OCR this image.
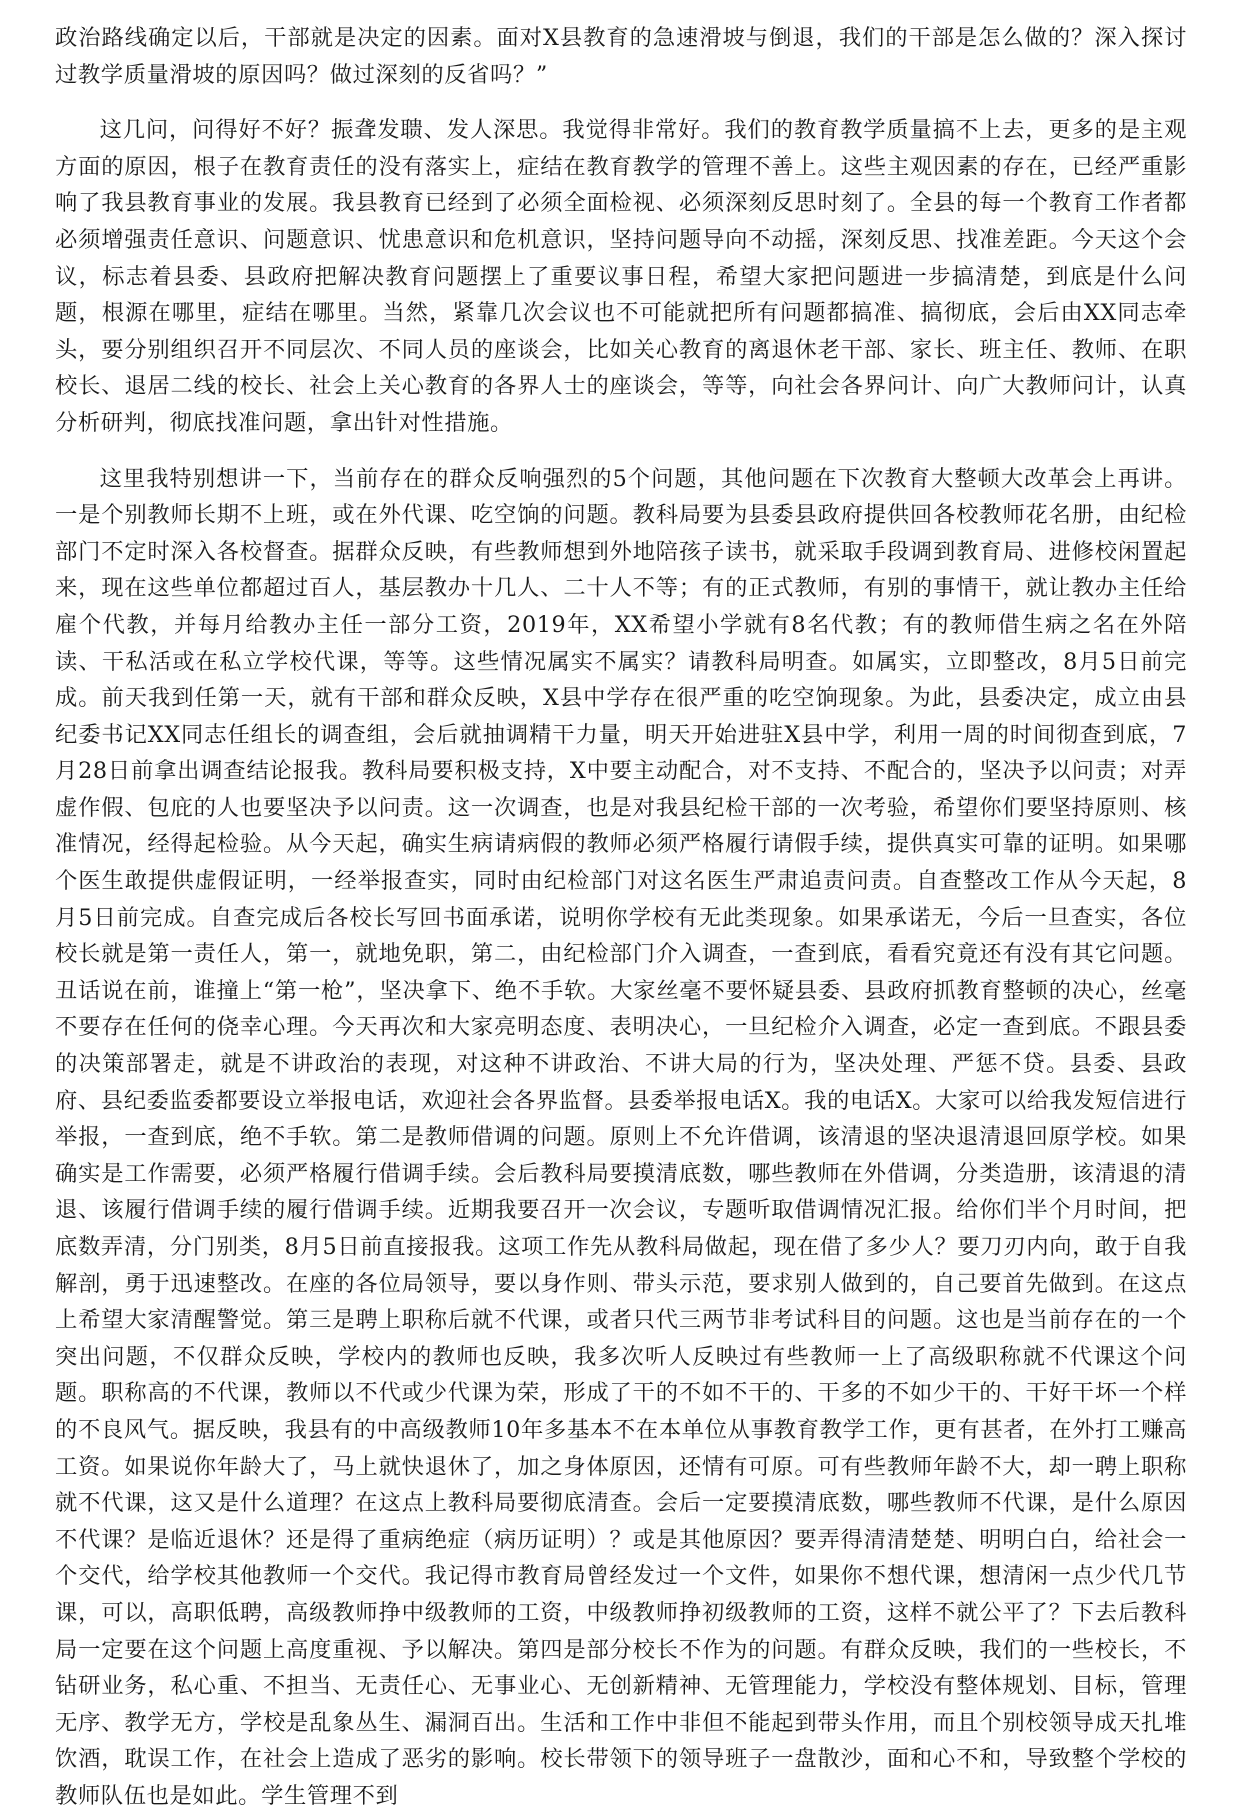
政治路线确定以后，干部就是决定的因素。面对X县教育的急速滑坡与倒退，我们的干部是怎么做的？深入探讨过教学质量滑坡的原因吗？做过深刻的反省吗？”

这几问，问得好不好？振聋发聩、发人深思。我觉得非常好。我们的教育教学质量搞不上去，更多的是主观方面的原因，根子在教育责任的没有落实上，症结在教育教学的管理不善上。这些主观因素的存在，已经严重影响了我县教育事业的发展。我县教育已经到了必须全面检视、必须深刻反思时刻了。全县的每一个教育工作者都必须增强责任意识、问题意识、忧患意识和危机意识，坚持问题导向不动摇，深刻反思、找准差距。今天这个会议，标志着县委、县政府把解决教育问题摆上了重要议事日程，希望大家把问题进一步搞清楚，到底是什么问题，根源在哪里，症结在哪里。当然，紧靠几次会议也不可能就把所有问题都搞准、搞彻底，会后由XX同志牵头，要分别组织召开不同层次、不同人员的座谈会，比如关心教育的离退休老干部、家长、班主任、教师、在职校长、退居二线的校长、社会上关心教育的各界人士的座谈会，等等，向社会各界问计、向广大教师问计，认真分析研判，彻底找准问题，拿出针对性措施。

这里我特别想讲一下，当前存在的群众反响强烈的5个问题，其他问题在下次教育大整顿大改革会上再讲。一是个别教师长期不上班，或在外代课、吃空饷的问题。教科局要为县委县政府提供回各校教师花名册，由纪检部门不定时深入各校督查。据群众反映，有些教师想到外地陪孩子读书，就采取手段调到教育局、进修校闲置起来，现在这些单位都超过百人，基层教办十几人、二十人不等；有的正式教师，有别的事情干，就让教办主任给雇个代教，并每月给教办主任一部分工资，2019年，XX希望小学就有8名代教；有的教师借生病之名在外陪读、干私活或在私立学校代课，等等。这些情况属实不属实？请教科局明查。如属实，立即整改，8月5日前完成。前天我到任第一天，就有干部和群众反映，X县中学存在很严重的吃空饷现象。为此，县委决定，成立由县纪委书记XX同志任组长的调查组，会后就抽调精干力量，明天开始进驻X县中学，利用一周的时间彻查到底，7月28日前拿出调查结论报我。教科局要积极支持，X中要主动配合，对不支持、不配合的，坚决予以问责；对弄虚作假、包庇的人也要坚决予以问责。这一次调查，也是对我县纪检干部的一次考验，希望你们要坚持原则、核准情况，经得起检验。从今天起，确实生病请病假的教师必须严格履行请假手续，提供真实可靠的证明。如果哪个医生敢提供虚假证明，一经举报查实，同时由纪检部门对这名医生严肃追责问责。自查整改工作从今天起，8月5日前完成。自查完成后各校长写回书面承诺，说明你学校有无此类现象。如果承诺无，今后一旦查实，各位校长就是第一责任人，第一，就地免职，第二，由纪检部门介入调查，一查到底，看看究竟还有没有其它问题。丑话说在前，谁撞上“第一枪”，坚决拿下、绝不手软。大家丝毫不要怀疑县委、县政府抓教育整顿的决心，丝毫不要存在任何的侥幸心理。今天再次和大家亮明态度、表明决心，一旦纪检介入调查，必定一查到底。不跟县委的决策部署走，就是不讲政治的表现，对这种不讲政治、不讲大局的行为，坚决处理、严惩不贷。县委、县政府、县纪委监委都要设立举报电话，欢迎社会各界监督。县委举报电话X。我的电话X。大家可以给我发短信进行举报，一查到底，绝不手软。第二是教师借调的问题。原则上不允许借调，该清退的坚决退清退回原学校。如果确实是工作需要，必须严格履行借调手续。会后教科局要摸清底数，哪些教师在外借调，分类造册，该清退的清退、该履行借调手续的履行借调手续。近期我要召开一次会议，专题听取借调情况汇报。给你们半个月时间，把底数弄清，分门别类，8月5日前直接报我。这项工作先从教科局做起，现在借了多少人？要刀刃内向，敢于自我解剖，勇于迅速整改。在座的各位局领导，要以身作则、带头示范，要求别人做到的，自己要首先做到。在这点上希望大家清醒警觉。第三是聘上职称后就不代课，或者只代三两节非考试科目的问题。这也是当前存在的一个突出问题，不仅群众反映，学校内的教师也反映，我多次听人反映过有些教师一上了高级职称就不代课这个问题。职称高的不代课，教师以不代或少代课为荣，形成了干的不如不干的、干多的不如少干的、干好干坏一个样的不良风气。据反映，我县有的中高级教师10年多基本不在本单位从事教育教学工作，更有甚者，在外打工赚高工资。如果说你年龄大了，马上就快退休了，加之身体原因，还情有可原。可有些教师年龄不大，却一聘上职称就不代课，这又是什么道理？在这点上教科局要彻底清查。会后一定要摸清底数，哪些教师不代课，是什么原因不代课？是临近退休？还是得了重病绝症（病历证明）？或是其他原因？要弄得清清楚楚、明明白白，给社会一个交代，给学校其他教师一个交代。我记得市教育局曾经发过一个文件，如果你不想代课，想清闲一点少代几节课，可以，高职低聘，高级教师挣中级教师的工资，中级教师挣初级教师的工资，这样不就公平了？下去后教科局一定要在这个问题上高度重视、予以解决。第四是部分校长不作为的问题。有群众反映，我们的一些校长，不钻研业务，私心重、不担当、无责任心、无事业心、无创新精神、无管理能力，学校没有整体规划、目标，管理无序、教学无方，学校是乱象丛生、漏洞百出。生活和工作中非但不能起到带头作用，而且个别校领导成天扎堆饮酒，耽误工作，在社会上造成了恶劣的影响。校长带领下的领导班子一盘散沙，面和心不和，导致整个学校的教师队伍也是如此。学生管理不到
